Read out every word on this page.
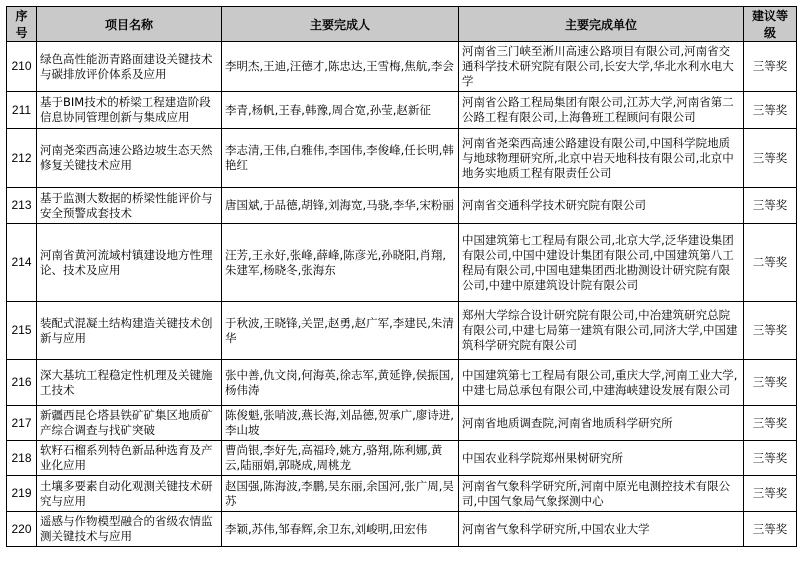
序号	项目名称	主要完成人	主要完成单位	建议等级
210	绿色高性能沥青路面建设关键技术与碳排放评价体系及应用	李明杰,王迪,汪德才,陈忠达,王雪梅,焦航,李会	河南省三门峡至淅川高速公路项目有限公司,河南省交通科学技术研究院有限公司,长安大学,华北水利水电大学	三等奖
211	基于BIM技术的桥梁工程建造阶段信息协同管理创新与集成应用	李青,杨帆,王春,韩豫,周合宽,孙莹,赵新征	河南省公路工程局集团有限公司,江苏大学,河南省第二公路工程有限公司,上海鲁班工程顾问有限公司	三等奖
212	河南尧栾西高速公路边坡生态天然修复关键技术应用	李志清,王伟,白雅伟,李国伟,李俊峰,任长明,韩艳红	河南省尧栾西高速公路建设有限公司,中国科学院地质与地球物理研究所,北京中岩天地科技有限公司,北京中地务实地质工程有限责任公司	三等奖
213	基于监测大数据的桥梁性能评价与安全预警成套技术	唐国斌,于品德,胡锋,刘海宽,马骁,李华,宋粉丽	河南省交通科学技术研究院有限公司	三等奖
214	河南省黄河流域村镇建设地方性理论、技术及应用	汪芳,王永好,张峰,薛峰,陈彦光,孙晓阳,肖翔,朱建军,杨晓冬,张海东	中国建筑第七工程局有限公司,北京大学,泛华建设集团有限公司,中国中建设计集团有限公司,中国建筑第八工程局有限公司,中国电建集团西北勘测设计研究院有限公司,中建中原建筑设计院有限公司	二等奖
215	装配式混凝土结构建造关键技术创新与应用	于秋波,王晓锋,关罡,赵勇,赵广军,李建民,朱清华	郑州大学综合设计研究院有限公司,中冶建筑研究总院有限公司,中建七局第一建筑有限公司,同济大学,中国建筑科学研究院有限公司	三等奖
216	深大基坑工程稳定性机理及关键施工技术	张中善,仇文岗,何海英,徐志军,黄延铮,侯振国,杨伟涛	中国建筑第七工程局有限公司,重庆大学,河南工业大学,中建七局总承包有限公司,中建海峡建设发展有限公司	三等奖
217	新疆西昆仑塔县铁矿矿集区地质矿产综合调查与找矿突破	陈俊魁,张哨波,燕长海,刘品德,贺承广,廖诗进,李山坡	河南省地质调查院,河南省地质科学研究所	三等奖
218	软籽石榴系列特色新品种选育及产业化应用	曹尚银,李好先,高福玲,姚方,骆翔,陈利娜,黄云,陆丽娟,郭晓成,周桃龙	中国农业科学院郑州果树研究所	三等奖
219	土壤多要素自动化观测关键技术研究与应用	赵国强,陈海波,李鹏,吴东丽,余国河,张广周,吴苏	河南省气象科学研究所,河南中原光电测控技术有限公司,中国气象局气象探测中心	三等奖
220	遥感与作物模型融合的省级农情监测关键技术与应用	李颖,苏伟,邹春辉,余卫东,刘峻明,田宏伟	河南省气象科学研究所,中国农业大学	三等奖
